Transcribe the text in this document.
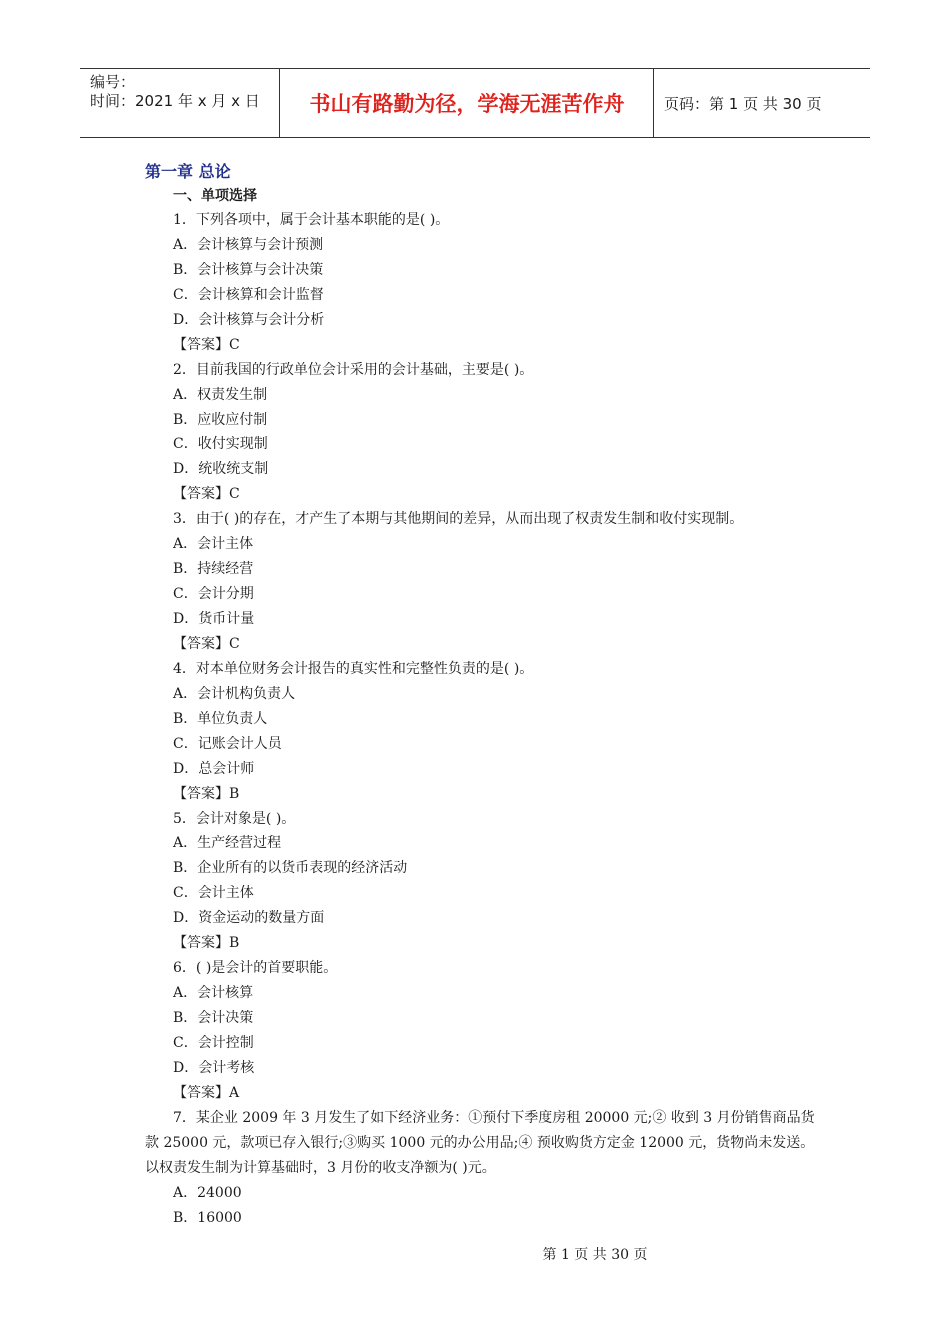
编号：
时间：2021 年 x 月 x 日	书山有路勤为径，学海无涯苦作舟	页码：第 1 页 共 30 页
第一章 总论
一、单项选择
1．下列各项中，属于会计基本职能的是( )。
A．会计核算与会计预测
B．会计核算与会计决策
C．会计核算和会计监督
D．会计核算与会计分析
【答案】C
2．目前我国的行政单位会计采用的会计基础，主要是( )。
A．权责发生制
B．应收应付制
C．收付实现制
D．统收统支制
【答案】C
3．由于( )的存在，才产生了本期与其他期间的差异，从而出现了权责发生制和收付实现制。
A．会计主体
B．持续经营
C．会计分期
D．货币计量
【答案】C
4．对本单位财务会计报告的真实性和完整性负责的是( )。
A．会计机构负责人
B．单位负责人
C．记账会计人员
D．总会计师
【答案】B
5．会计对象是( )。
A．生产经营过程
B．企业所有的以货币表现的经济活动
C．会计主体
D．资金运动的数量方面
【答案】B
6．( )是会计的首要职能。
A．会计核算
B．会计决策
C．会计控制
D．会计考核
【答案】A
7．某企业 2009 年 3 月发生了如下经济业务：①预付下季度房租 20000 元;② 收到 3 月份销售商品货款 25000 元，款项已存入银行;③购买 1000 元的办公用品;④ 预收购货方定金 12000 元，货物尚未发送。以权责发生制为计算基础时，3 月份的收支净额为( )元。
A．24000
B．16000
第 1 页 共 30 页
